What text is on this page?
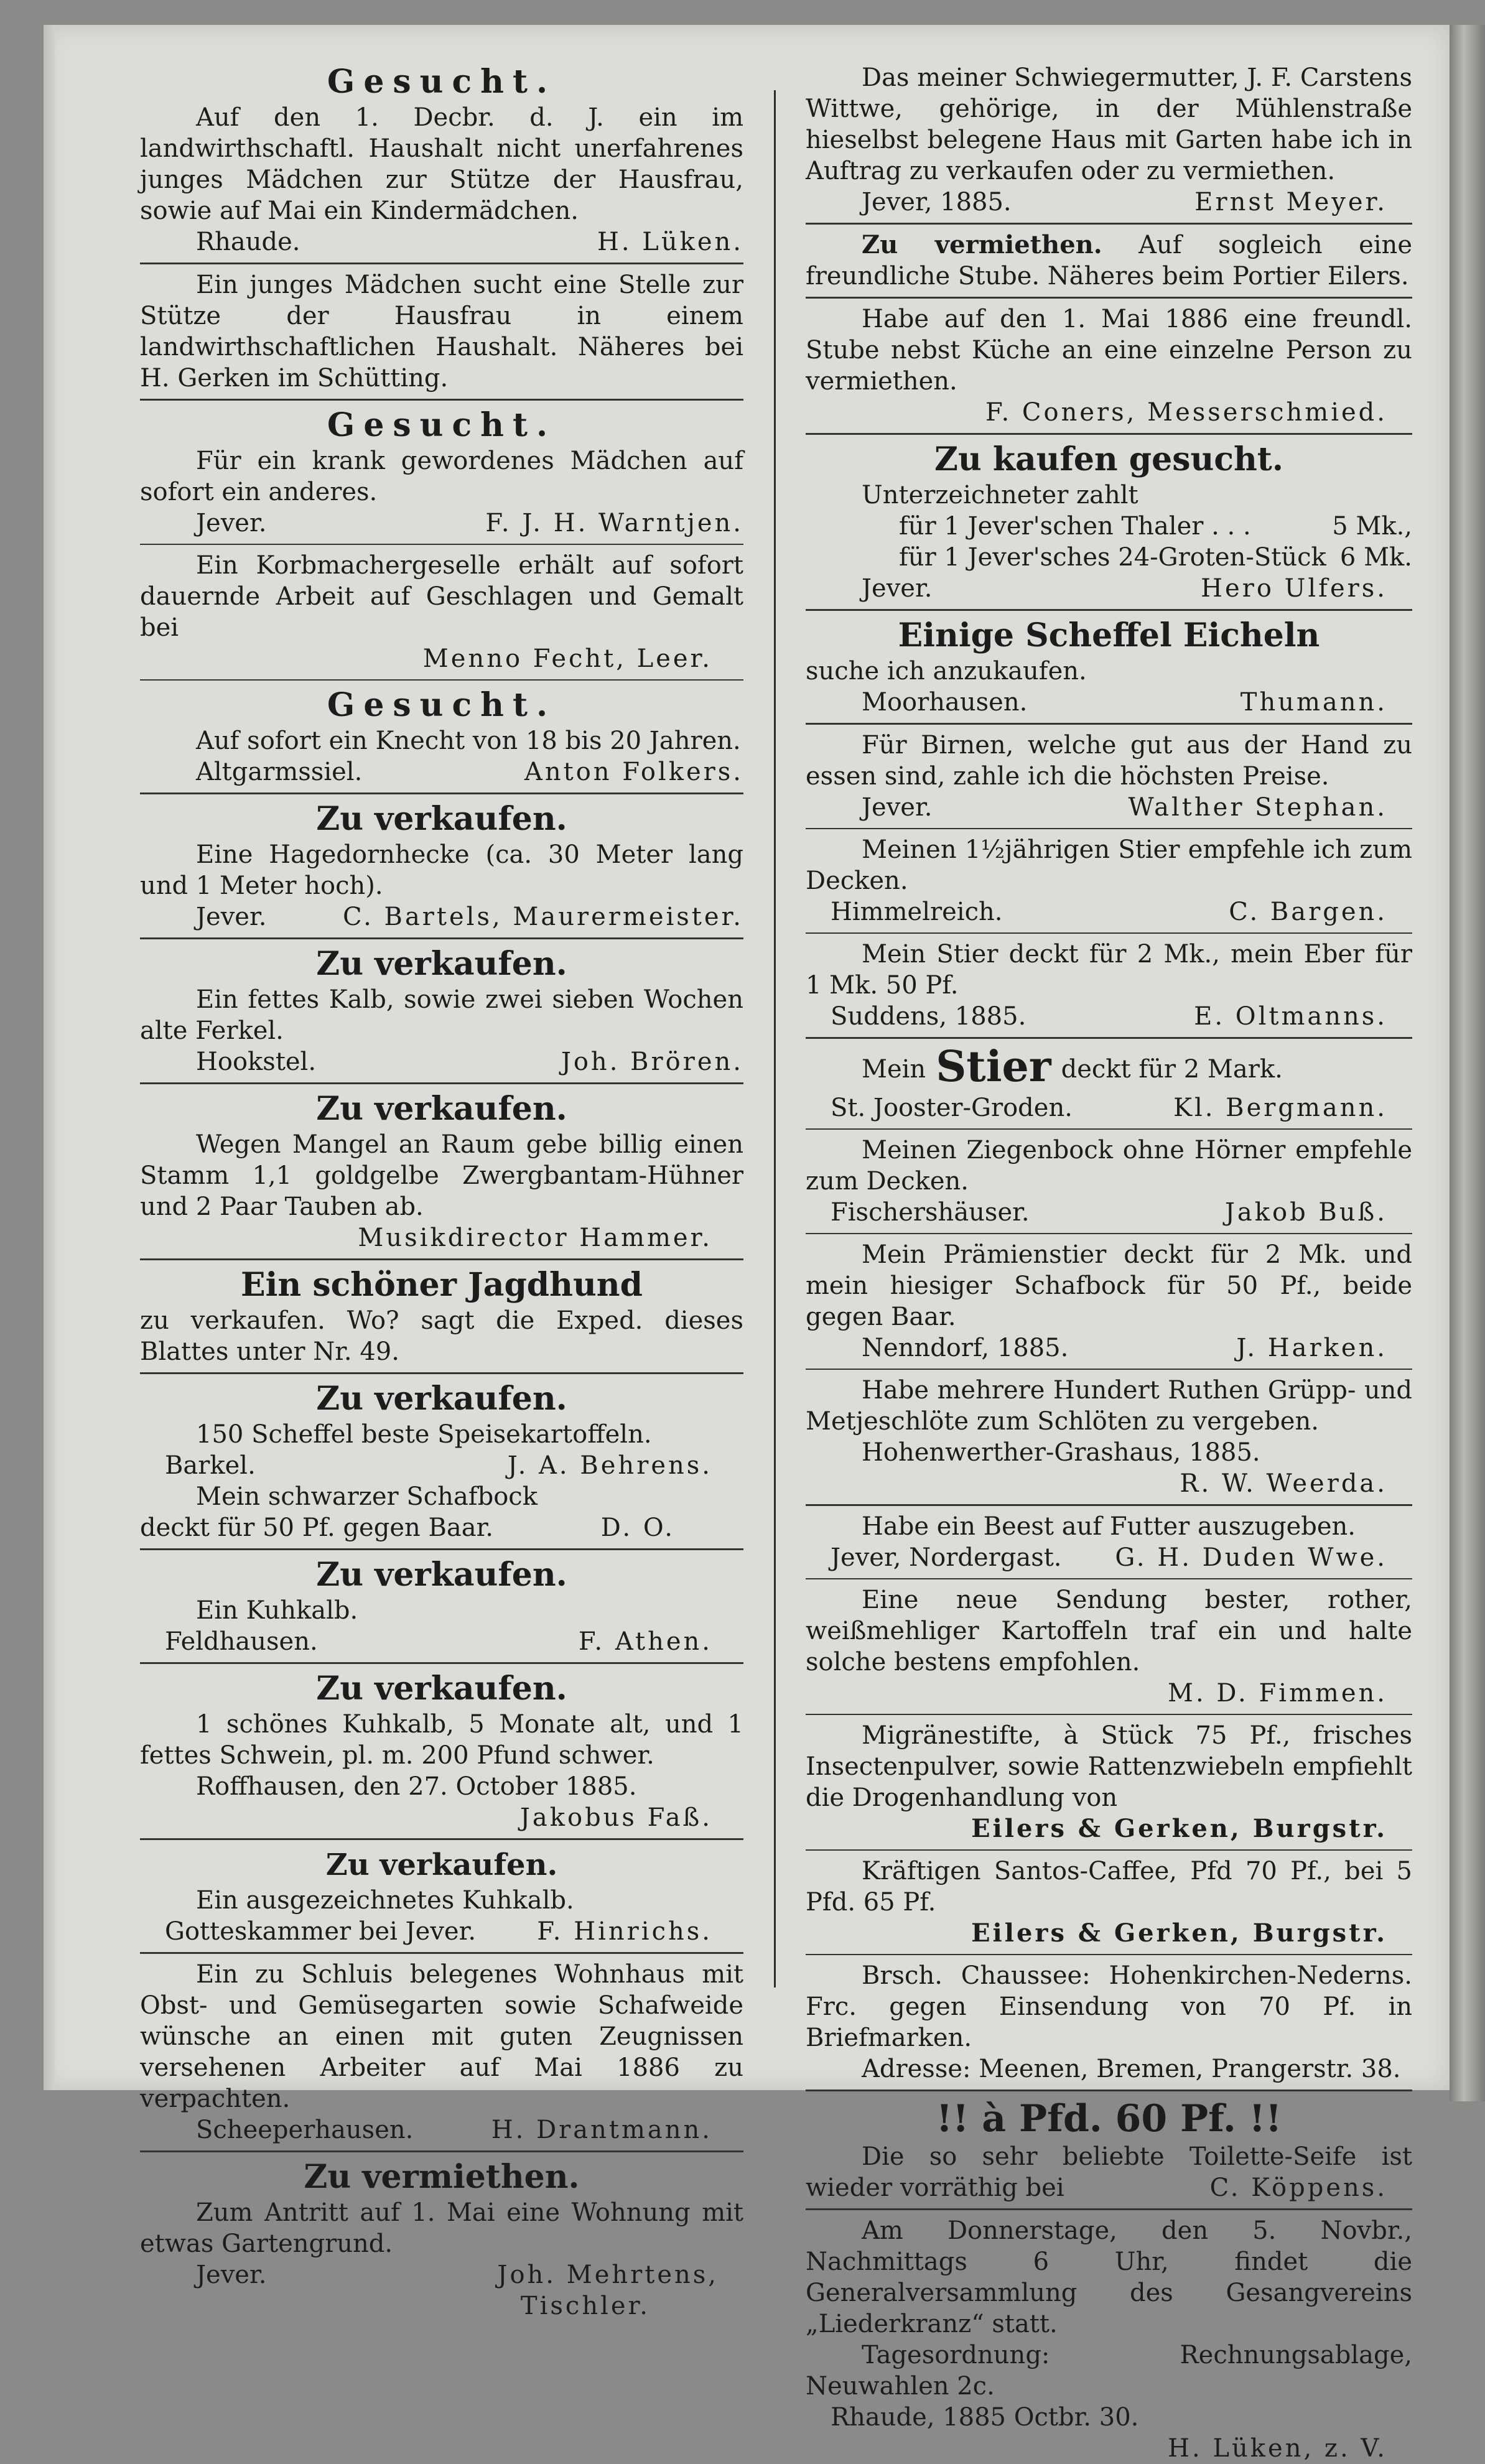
Gesucht.
Auf den 1. Decbr. d. J. ein im landwirthschaftl. Haushalt nicht unerfahrenes junges Mädchen zur Stütze der Hausfrau, sowie auf Mai ein Kindermädchen.
Rhaude.	H. Lüken.
Ein junges Mädchen sucht eine Stelle zur Stütze der Hausfrau in einem landwirthschaftlichen Haushalt. Näheres bei H. Gerken im Schütting.
Gesucht.
Für ein krank gewordenes Mädchen auf sofort ein anderes.
Jever.	F. J. H. Warntjen.
Ein Korbmachergeselle erhält auf sofort dauernde Arbeit auf Geschlagen und Gemalt bei
Menno Fecht, Leer.
Gesucht.
Auf sofort ein Knecht von 18 bis 20 Jahren.
Altgarmssiel.	Anton Folkers.
Zu verkaufen.
Eine Hagedornhecke (ca. 30 Meter lang und 1 Meter hoch).
Jever.	C. Bartels, Maurermeister.
Zu verkaufen.
Ein fettes Kalb, sowie zwei sieben Wochen alte Ferkel.
Hookstel.	Joh. Brören.
Zu verkaufen.
Wegen Mangel an Raum gebe billig einen Stamm 1,1 goldgelbe Zwergbantam-Hühner und 2 Paar Tauben ab.
Musikdirector Hammer.
Ein schöner Jagdhund
zu verkaufen. Wo? sagt die Exped. dieses Blattes unter Nr. 49.
Zu verkaufen.
150 Scheffel beste Speisekartoffeln.
Barkel.	J. A. Behrens.
Mein schwarzer Schafbock deckt für 50 Pf. gegen Baar.	D. O.
Zu verkaufen.
Ein Kuhkalb.
Feldhausen.	F. Athen.
Zu verkaufen.
1 schönes Kuhkalb, 5 Monate alt, und 1 fettes Schwein, pl. m. 200 Pfund schwer.
Roffhausen, den 27. October 1885.
Jakobus Faß.
Zu verkaufen.
Ein ausgezeichnetes Kuhkalb.
Gotteskammer bei Jever. F. Hinrichs.
Ein zu Schluis belegenes Wohnhaus mit Obst- und Gemüsegarten sowie Schafweide wünsche an einen mit guten Zeugnissen versehenen Arbeiter auf Mai 1886 zu verpachten.
Scheeperhausen.	H. Drantmann.
Zu vermiethen.
Zum Antritt auf 1. Mai eine Wohnung mit etwas Gartengrund.
Jever.	Joh. Mehrtens,
Tischler.
Das meiner Schwiegermutter, J. F. Carstens Wittwe, gehörige, in der Mühlenstraße hieselbst belegene Haus mit Garten habe ich in Auftrag zu verkaufen oder zu vermiethen.
Jever, 1885.	Ernst Meyer.
Zu vermiethen. Auf sogleich eine freundliche Stube. Näheres beim Portier Eilers.
Habe auf den 1. Mai 1886 eine freundl. Stube nebst Küche an eine einzelne Person zu vermiethen.
F. Coners, Messerschmied.
Zu kaufen gesucht.
Unterzeichneter zahlt
für 1 Jever'schen Thaler . . .	5 Mk.,
für 1 Jever'sches 24-Groten-Stück 6 Mk.
Jever.	Hero Ulfers.
Einige Scheffel Eicheln
suche ich anzukaufen.
Moorhausen.	Thumann.
Für Birnen, welche gut aus der Hand zu essen sind, zahle ich die höchsten Preise.
Jever.	Walther Stephan.
Meinen 1½jährigen Stier empfehle ich zum Decken.
Himmelreich.	C. Bargen.
Mein Stier deckt für 2 Mk., mein Eber für 1 Mk. 50 Pf.
Suddens, 1885.	E. Oltmanns.
Mein Stier deckt für 2 Mark.
St. Jooster-Groden.	Kl. Bergmann.
Meinen Ziegenbock ohne Hörner empfehle zum Decken.
Fischershäuser.	Jakob Buß.
Mein Prämienstier deckt für 2 Mk. und mein hiesiger Schafbock für 50 Pf., beide gegen Baar.
Nenndorf, 1885.	J. Harken.
Habe mehrere Hundert Ruthen Grüpp- und Metjeschlöte zum Schlöten zu vergeben.
Hohenwerther-Grashaus, 1885.
R. W. Weerda.
Habe ein Beest auf Futter auszugeben.
Jever, Nordergast. G. H. Duden Wwe.
Eine neue Sendung bester, rother, weißmehliger Kartoffeln traf ein und halte solche bestens empfohlen.
M. D. Fimmen.
Migränestifte, à Stück 75 Pf., frisches Insectenpulver, sowie Rattenzwiebeln empfiehlt die Drogenhandlung von
Eilers & Gerken, Burgstr.
Kräftigen Santos-Caffee, Pfd 70 Pf., bei 5 Pfd. 65 Pf.
Eilers & Gerken, Burgstr.
Brsch. Chaussee: Hohenkirchen-Nederns. Frc. gegen Einsendung von 70 Pf. in Briefmarken.
Adresse: Meenen, Bremen, Prangerstr. 38.
!! à Pfd. 60 Pf. !!
Die so sehr beliebte Toilette-Seife ist wieder vorräthig bei	C. Köppens.
Am Donnerstage, den 5. Novbr., Nachmittags 6 Uhr, findet die Generalversammlung des Gesangvereins „Liederkranz“ statt.
Tagesordnung: Rechnungsablage, Neuwahlen 2c.
Rhaude, 1885 Octbr. 30.
H. Lüken, z. V.
